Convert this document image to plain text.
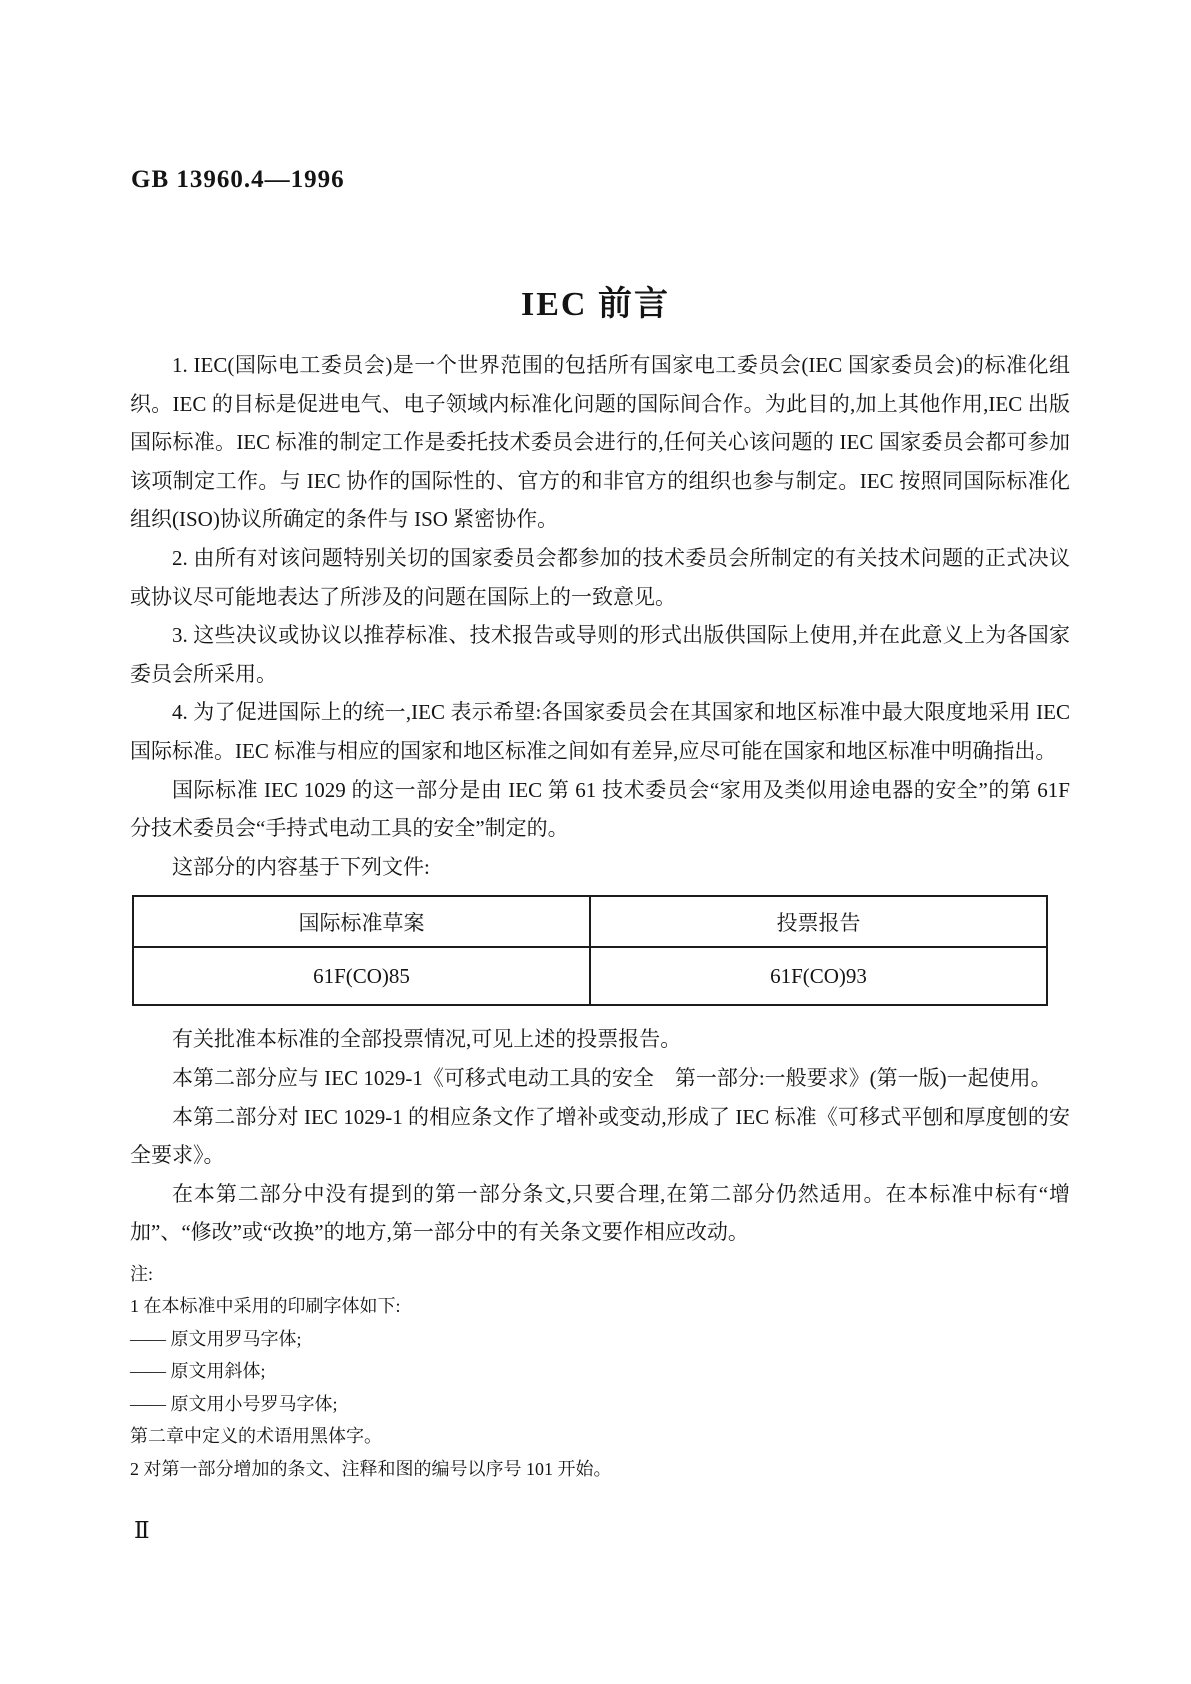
GB 13960.4—1996
IEC 前言

1. IEC(国际电工委员会)是一个世界范围的包括所有国家电工委员会(IEC 国家委员会)的标准化组织。IEC 的目标是促进电气、电子领域内标准化问题的国际间合作。为此目的,加上其他作用,IEC 出版国际标准。IEC 标准的制定工作是委托技术委员会进行的,任何关心该问题的 IEC 国家委员会都可参加该项制定工作。与 IEC 协作的国际性的、官方的和非官方的组织也参与制定。IEC 按照同国际标准化组织(ISO)协议所确定的条件与 ISO 紧密协作。

2. 由所有对该问题特别关切的国家委员会都参加的技术委员会所制定的有关技术问题的正式决议或协议尽可能地表达了所涉及的问题在国际上的一致意见。

3. 这些决议或协议以推荐标准、技术报告或导则的形式出版供国际上使用,并在此意义上为各国家委员会所采用。

4. 为了促进国际上的统一,IEC 表示希望:各国家委员会在其国家和地区标准中最大限度地采用 IEC 国际标准。IEC 标准与相应的国家和地区标准之间如有差异,应尽可能在国家和地区标准中明确指出。

国际标准 IEC 1029 的这一部分是由 IEC 第 61 技术委员会“家用及类似用途电器的安全”的第 61F 分技术委员会“手持式电动工具的安全”制定的。

这部分的内容基于下列文件:

国际标准草案	投票报告
61F(CO)85	61F(CO)93

有关批准本标准的全部投票情况,可见上述的投票报告。

本第二部分应与 IEC 1029-1《可移式电动工具的安全　第一部分:一般要求》(第一版)一起使用。

本第二部分对 IEC 1029-1 的相应条文作了增补或变动,形成了 IEC 标准《可移式平刨和厚度刨的安全要求》。

在本第二部分中没有提到的第一部分条文,只要合理,在第二部分仍然适用。在本标准中标有“增加”、“修改”或“改换”的地方,第一部分中的有关条文要作相应改动。

注:
1 在本标准中采用的印刷字体如下:
—— 原文用罗马字体;
—— 原文用斜体;
—— 原文用小号罗马字体;
第二章中定义的术语用黑体字。
2 对第一部分增加的条文、注释和图的编号以序号 101 开始。
Ⅱ
